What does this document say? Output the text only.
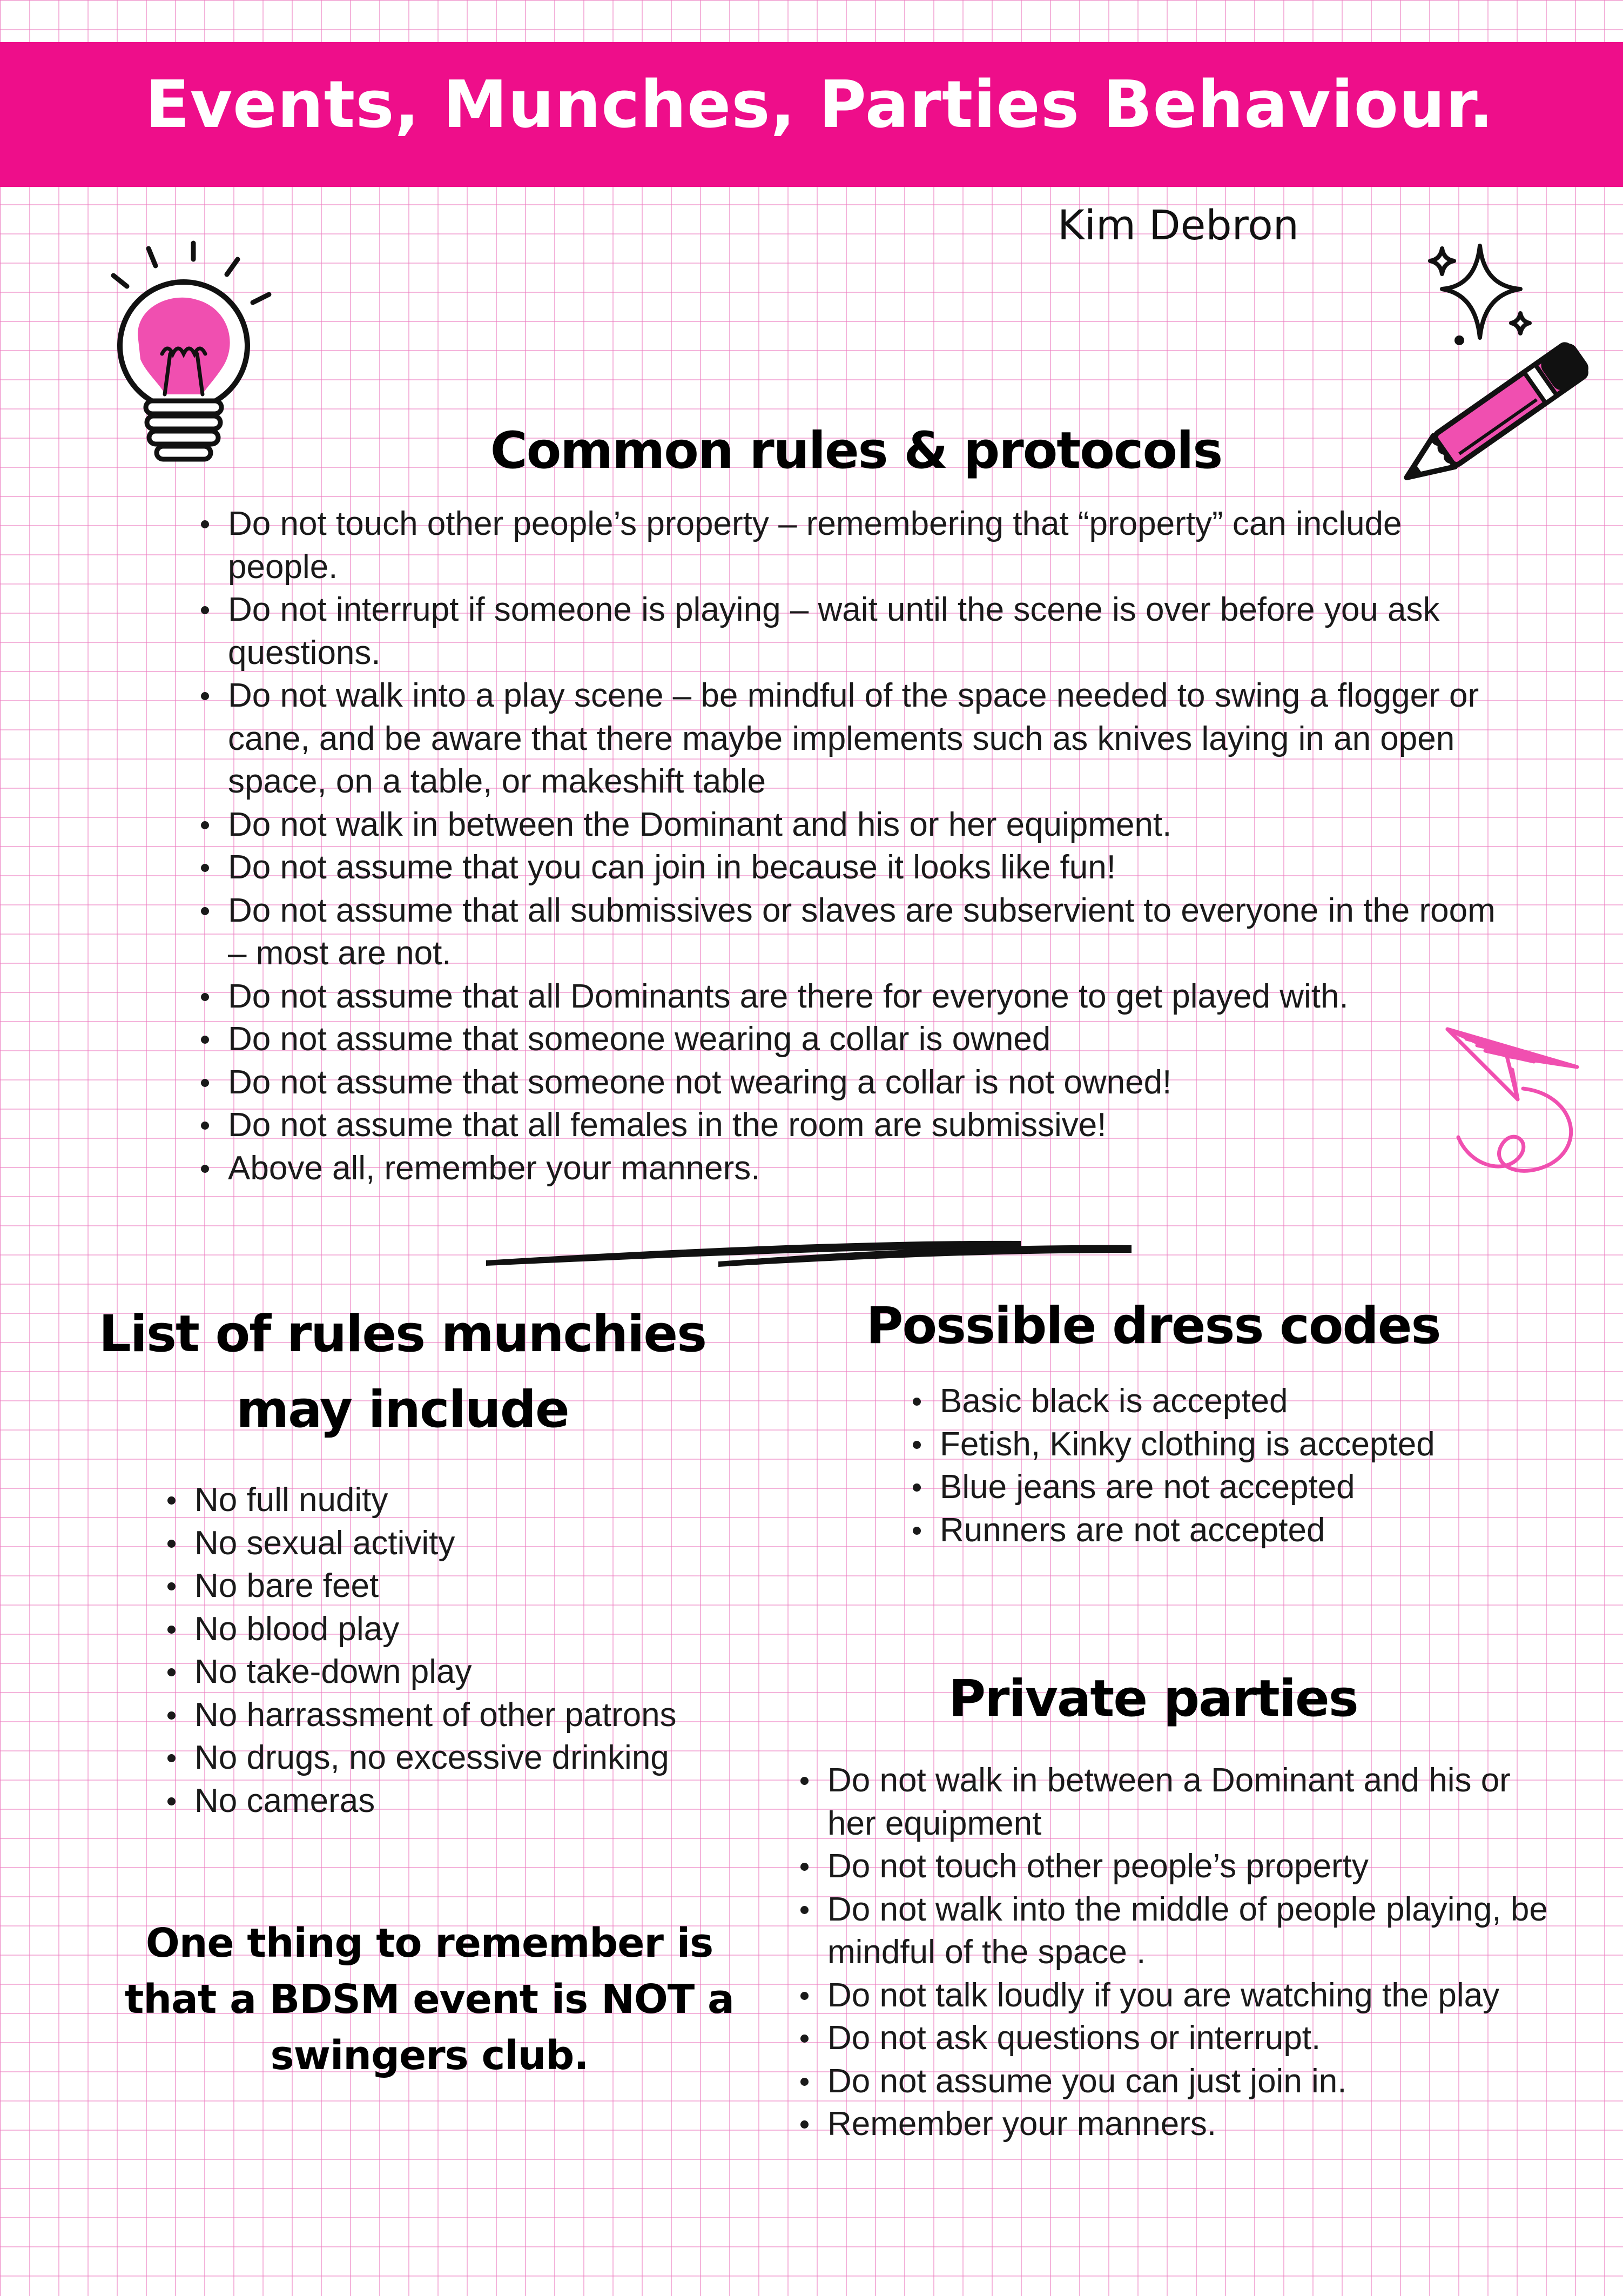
Events, Munches, Parties Behaviour.
Kim Debron
Common rules & protocols
Do not touch other people’s property – remembering that “property” can include people.
Do not interrupt if someone is playing – wait until the scene is over before you ask questions.
Do not walk into a play scene – be mindful of the space needed to swing a flogger or cane, and be aware that there maybe implements such as knives laying in an open space, on a table, or makeshift table
Do not walk in between the Dominant and his or her equipment.
Do not assume that you can join in because it looks like fun!
Do not assume that all submissives or slaves are subservient to everyone in the room – most are not.
Do not assume that all Dominants are there for everyone to get played with.
Do not assume that someone wearing a collar is owned
Do not assume that someone not wearing a collar is not owned!
Do not assume that all females in the room are submissive!
Above all, remember your manners.
List of rules munchies
may include
No full nudity
No sexual activity
No bare feet
No blood play
No take-down play
No harrassment of other patrons
No drugs, no excessive drinking
No cameras
Possible dress codes
Basic black is accepted
Fetish, Kinky clothing is accepted
Blue jeans are not accepted
Runners are not accepted
Private parties
Do not walk in between a Dominant and his or her equipment
Do not touch other people’s property
Do not walk into the middle of people playing, be mindful of the space .
Do not talk loudly if you are watching the play
Do not ask questions or interrupt.
Do not assume you can just join in.
Remember your manners.
One thing to remember is
that a BDSM event is NOT a
swingers club.
